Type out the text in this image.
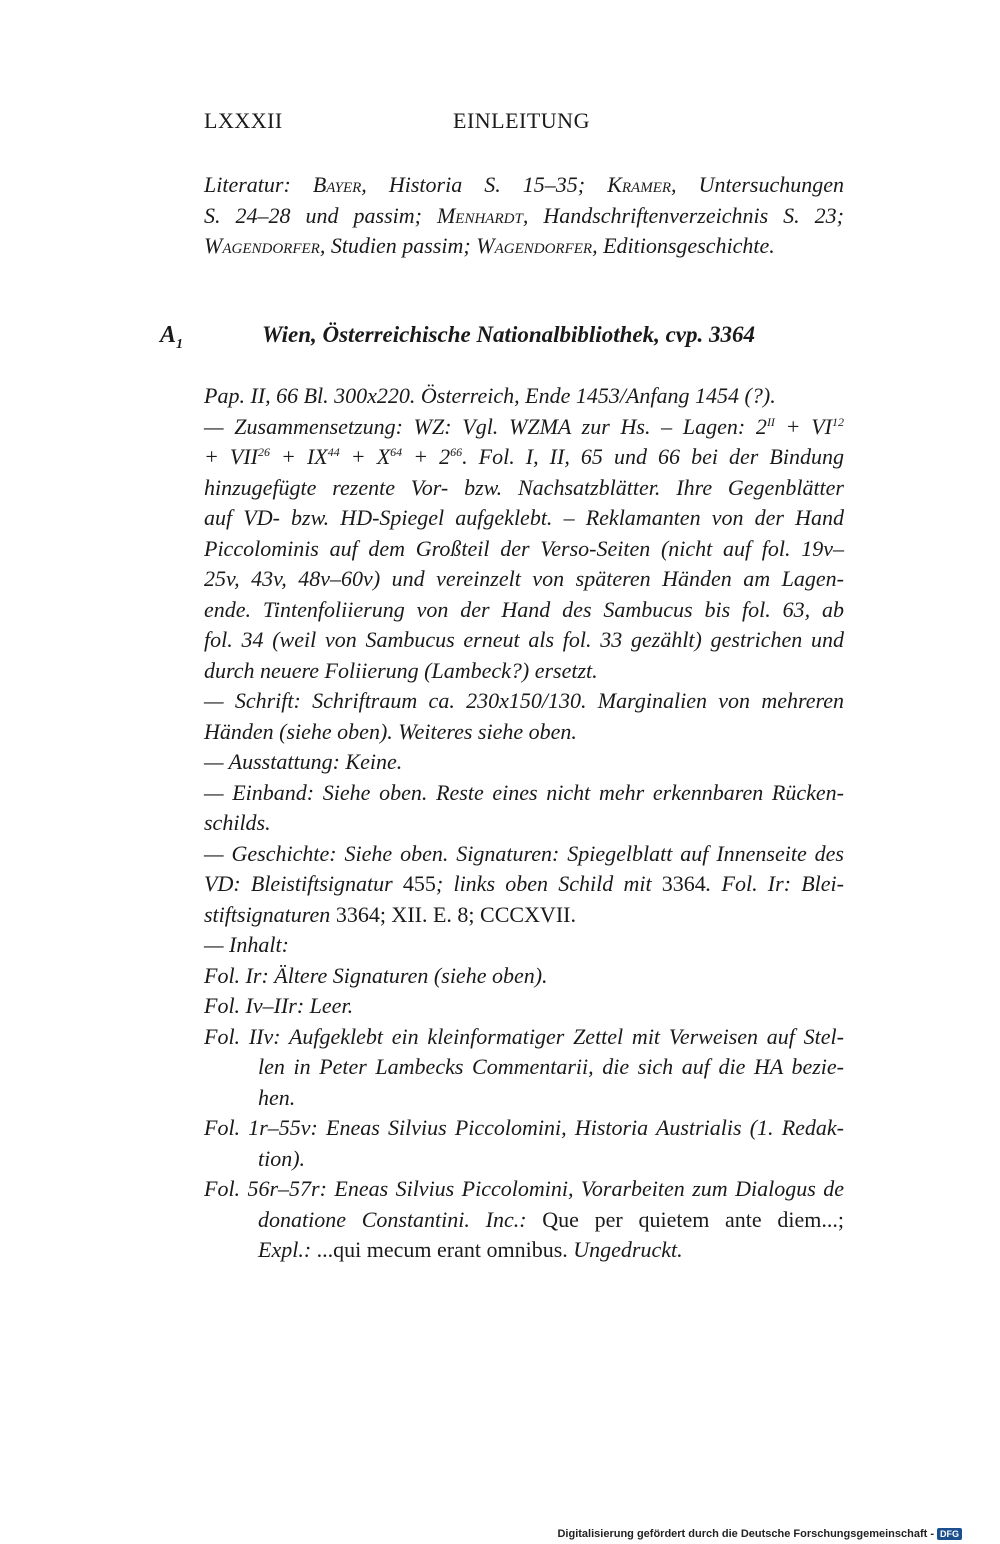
LXXXII	EINLEITUNG
Literatur: Bayer, Historia S. 15–35; Kramer, Untersuchungen
S. 24–28 und passim; Menhardt, Handschriftenverzeichnis S. 23;
Wagendorfer, Studien passim; Wagendorfer, Editionsgeschichte.
$A_1$	Wien, Österreichische Nationalbibliothek, cvp. 3364
Pap. II, 66 Bl. 300x220. Österreich, Ende 1453/Anfang 1454 (?).
— Zusammensetzung: WZ: Vgl. WZMA zur Hs. – Lagen: $2^{II} + VI^{12}$
+ $VII^{26} + IX^{44} + X^{64} + 2^{66}$. Fol. I, II, 65 und 66 bei der Bindung
hinzugefügte rezente Vor- bzw. Nachsatzblätter. Ihre Gegenblätter
auf VD- bzw. HD-Spiegel aufgeklebt. – Reklamanten von der Hand
Piccolominis auf dem Großteil der Verso-Seiten (nicht auf fol. 19v–
25v, 43v, 48v–60v) und vereinzelt von späteren Händen am Lagen-
ende. Tintenfoliierung von der Hand des Sambucus bis fol. 63, ab
fol. 34 (weil von Sambucus erneut als fol. 33 gezählt) gestrichen und
durch neuere Foliierung (Lambeck?) ersetzt.
— Schrift: Schriftraum ca. 230x150/130. Marginalien von mehreren
Händen (siehe oben). Weiteres siehe oben.
— Ausstattung: Keine.
— Einband: Siehe oben. Reste eines nicht mehr erkennbaren Rücken-
schilds.
— Geschichte: Siehe oben. Signaturen: Spiegelblatt auf Innenseite des
VD: Bleistiftsignatur 455; links oben Schild mit 3364. Fol. Ir: Blei-
stiftsignaturen 3364; XII. E. 8; CCCXVII.
— Inhalt:
Fol. Ir: Ältere Signaturen (siehe oben).
Fol. Iv–IIr: Leer.
Fol. IIv: Aufgeklebt ein kleinformatiger Zettel mit Verweisen auf Stel-
len in Peter Lambecks Commentarii, die sich auf die HA bezie-
hen.
Fol. 1r–55v: Eneas Silvius Piccolomini, Historia Austrialis (1. Redak-
tion).
Fol. 56r–57r: Eneas Silvius Piccolomini, Vorarbeiten zum Dialogus de
donatione Constantini. Inc.: Que per quietem ante diem...;
Expl.: ...qui mecum erant omnibus. Ungedruckt.
Digitalisierung gefördert durch die Deutsche Forschungsgemeinschaft - DFG
